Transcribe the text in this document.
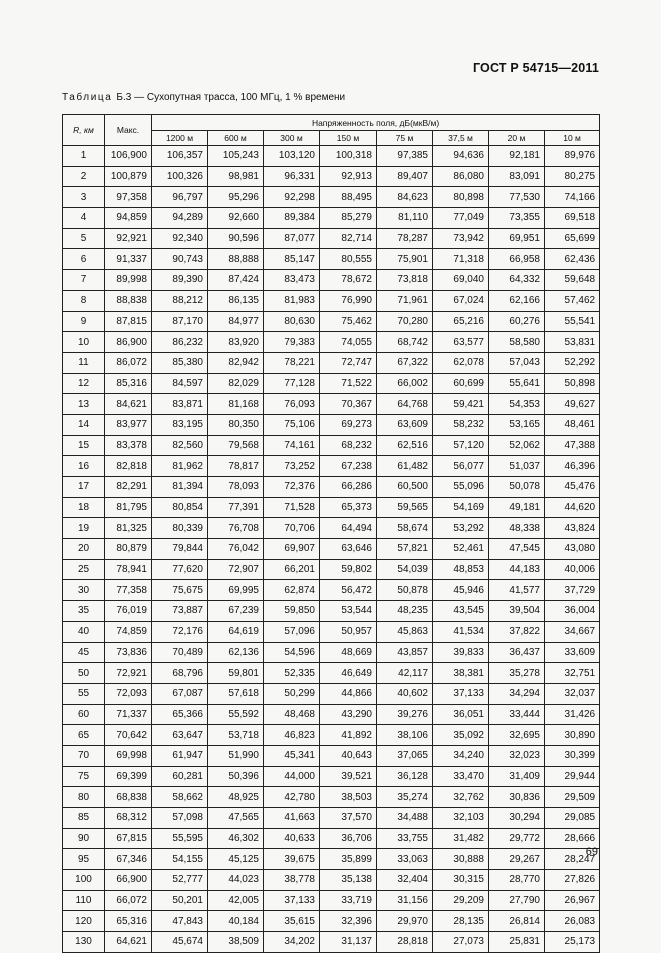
ГОСТ Р 54715—2011
Таблица Б.3 — Сухопутная трасса, 100 МГц, 1 % времени
R, км	Макс.	Напряженность поля, дБ(мкВ/м)							
		1200 м	600 м	300 м	150 м	75 м	37,5 м	20 м	10 м
1	106,900	106,357	105,243	103,120	100,318	97,385	94,636	92,181	89,976
2	100,879	100,326	98,981	96,331	92,913	89,407	86,080	83,091	80,275
3	97,358	96,797	95,296	92,298	88,495	84,623	80,898	77,530	74,166
4	94,859	94,289	92,660	89,384	85,279	81,110	77,049	73,355	69,518
5	92,921	92,340	90,596	87,077	82,714	78,287	73,942	69,951	65,699
6	91,337	90,743	88,888	85,147	80,555	75,901	71,318	66,958	62,436
7	89,998	89,390	87,424	83,473	78,672	73,818	69,040	64,332	59,648
8	88,838	88,212	86,135	81,983	76,990	71,961	67,024	62,166	57,462
9	87,815	87,170	84,977	80,630	75,462	70,280	65,216	60,276	55,541
10	86,900	86,232	83,920	79,383	74,055	68,742	63,577	58,580	53,831
11	86,072	85,380	82,942	78,221	72,747	67,322	62,078	57,043	52,292
12	85,316	84,597	82,029	77,128	71,522	66,002	60,699	55,641	50,898
13	84,621	83,871	81,168	76,093	70,367	64,768	59,421	54,353	49,627
14	83,977	83,195	80,350	75,106	69,273	63,609	58,232	53,165	48,461
15	83,378	82,560	79,568	74,161	68,232	62,516	57,120	52,062	47,388
16	82,818	81,962	78,817	73,252	67,238	61,482	56,077	51,037	46,396
17	82,291	81,394	78,093	72,376	66,286	60,500	55,096	50,078	45,476
18	81,795	80,854	77,391	71,528	65,373	59,565	54,169	49,181	44,620
19	81,325	80,339	76,708	70,706	64,494	58,674	53,292	48,338	43,824
20	80,879	79,844	76,042	69,907	63,646	57,821	52,461	47,545	43,080
25	78,941	77,620	72,907	66,201	59,802	54,039	48,853	44,183	40,006
30	77,358	75,675	69,995	62,874	56,472	50,878	45,946	41,577	37,729
35	76,019	73,887	67,239	59,850	53,544	48,235	43,545	39,504	36,004
40	74,859	72,176	64,619	57,096	50,957	45,863	41,534	37,822	34,667
45	73,836	70,489	62,136	54,596	48,669	43,857	39,833	36,437	33,609
50	72,921	68,796	59,801	52,335	46,649	42,117	38,381	35,278	32,751
55	72,093	67,087	57,618	50,299	44,866	40,602	37,133	34,294	32,037
60	71,337	65,366	55,592	48,468	43,290	39,276	36,051	33,444	31,426
65	70,642	63,647	53,718	46,823	41,892	38,106	35,092	32,695	30,890
70	69,998	61,947	51,990	45,341	40,643	37,065	34,240	32,023	30,399
75	69,399	60,281	50,396	44,000	39,521	36,128	33,470	31,409	29,944
80	68,838	58,662	48,925	42,780	38,503	35,274	32,762	30,836	29,509
85	68,312	57,098	47,565	41,663	37,570	34,488	32,103	30,294	29,085
90	67,815	55,595	46,302	40,633	36,706	33,755	31,482	29,772	28,666
95	67,346	54,155	45,125	39,675	35,899	33,063	30,888	29,267	28,247
100	66,900	52,777	44,023	38,778	35,138	32,404	30,315	28,770	27,826
110	66,072	50,201	42,005	37,133	33,719	31,156	29,209	27,790	26,967
120	65,316	47,843	40,184	35,615	32,396	29,970	28,135	26,814	26,083
130	64,621	45,674	38,509	34,202	31,137	28,818	27,073	25,831	25,173
69
